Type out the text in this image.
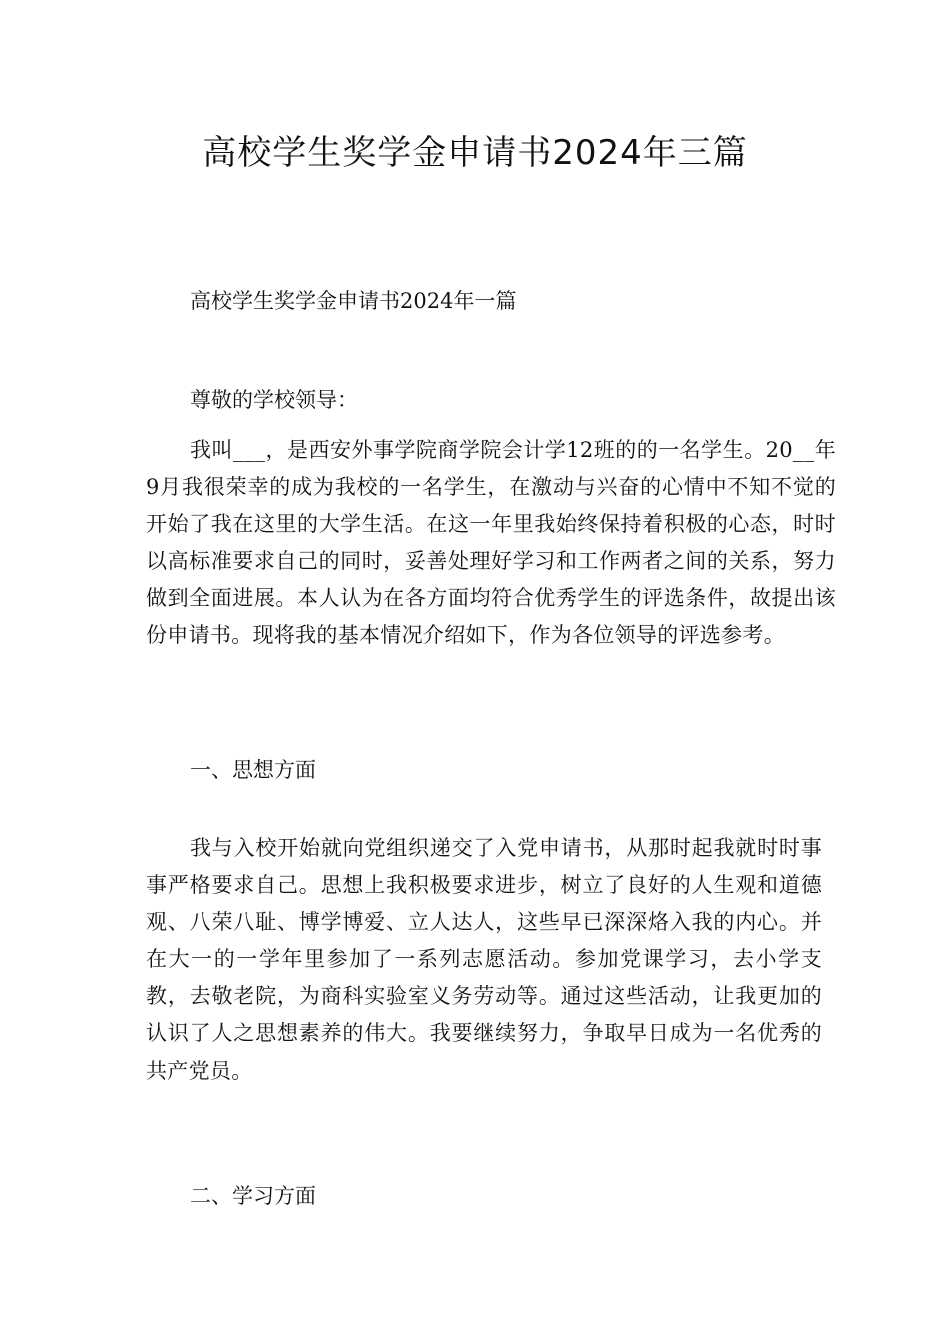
高校学生奖学金申请书2024年三篇

高校学生奖学金申请书2024年一篇

尊敬的学校领导：

我叫___，是西安外事学院商学院会计学12班的的一名学生。20__年9月我很荣幸的成为我校的一名学生，在激动与兴奋的心情中不知不觉的开始了我在这里的大学生活。在这一年里我始终保持着积极的心态，时时以高标准要求自己的同时，妥善处理好学习和工作两者之间的关系，努力做到全面进展。本人认为在各方面均符合优秀学生的评选条件，故提出该份申请书。现将我的基本情况介绍如下，作为各位领导的评选参考。

一、思想方面

我与入校开始就向党组织递交了入党申请书，从那时起我就时时事事严格要求自己。思想上我积极要求进步，树立了良好的人生观和道德观、八荣八耻、博学博爱、立人达人，这些早已深深烙入我的内心。并在大一的一学年里参加了一系列志愿活动。参加党课学习，去小学支教，去敬老院，为商科实验室义务劳动等。通过这些活动，让我更加的认识了人之思想素养的伟大。我要继续努力，争取早日成为一名优秀的共产党员。

二、学习方面
